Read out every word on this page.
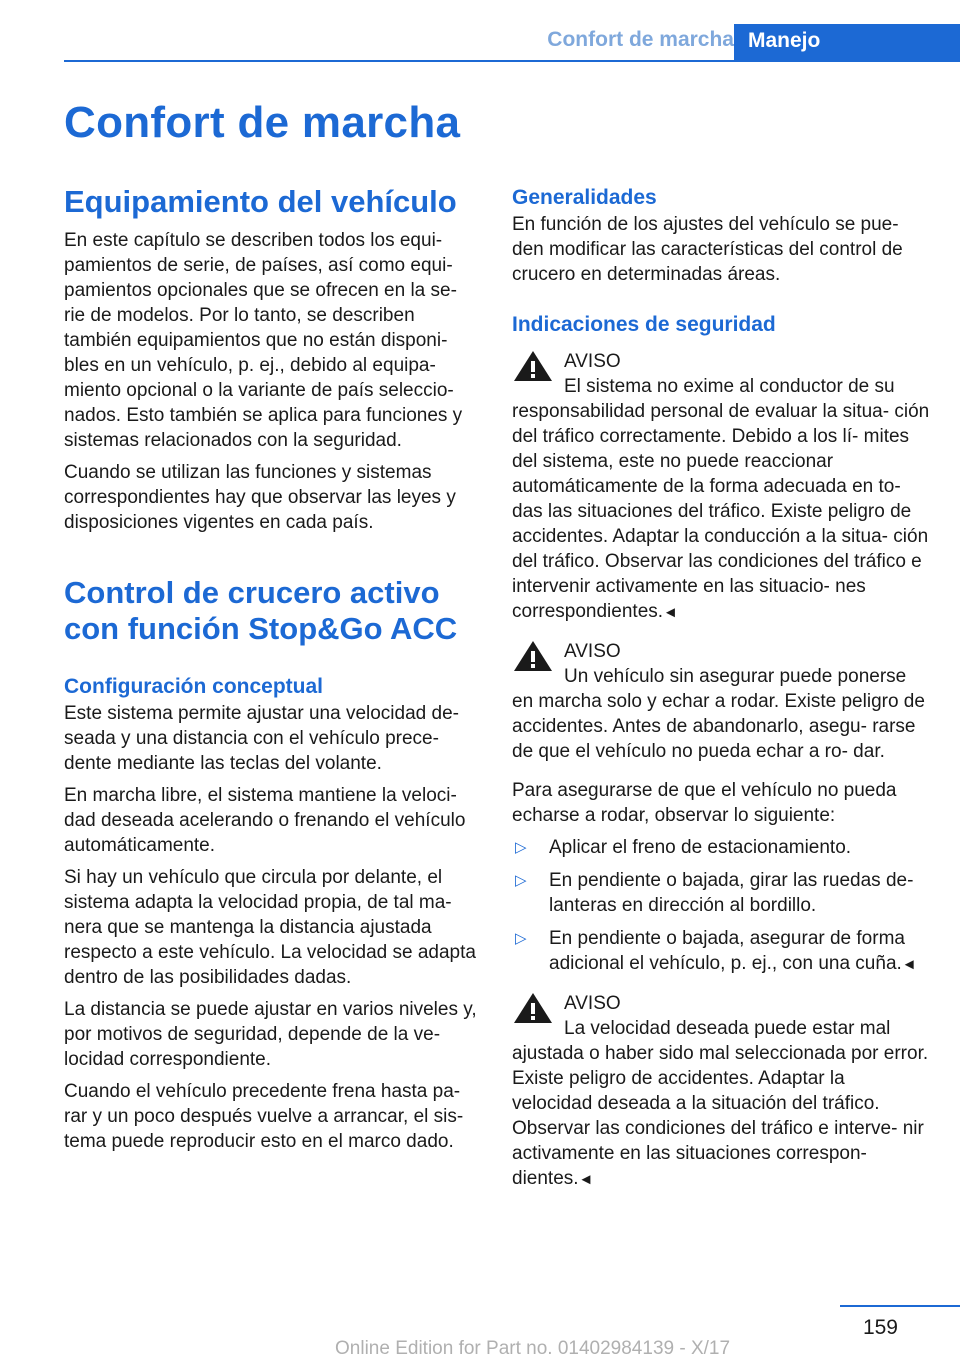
Confort de marcha Manejo
Confort de marcha
Equipamiento del vehículo

En este capítulo se describen todos los equi‐ pamientos de serie, de países, así como equi‐ pamientos opcionales que se ofrecen en la se‐ rie de modelos. Por lo tanto, se describen también equipamientos que no están disponi‐ bles en un vehículo, p. ej., debido al equipa‐ miento opcional o la variante de país seleccio‐ nados. Esto también se aplica para funciones y sistemas relacionados con la seguridad.

Cuando se utilizan las funciones y sistemas correspondientes hay que observar las leyes y disposiciones vigentes en cada país.

Control de crucero activo con función Stop&Go ACC
Configuración conceptual

Este sistema permite ajustar una velocidad de‐ seada y una distancia con el vehículo prece‐ dente mediante las teclas del volante.

En marcha libre, el sistema mantiene la veloci‐ dad deseada acelerando o frenando el vehículo automáticamente.

Si hay un vehículo que circula por delante, el sistema adapta la velocidad propia, de tal ma‐ nera que se mantenga la distancia ajustada respecto a este vehículo. La velocidad se adapta dentro de las posibilidades dadas.

La distancia se puede ajustar en varios niveles y, por motivos de seguridad, depende de la ve‐ locidad correspondiente.

Cuando el vehículo precedente frena hasta pa‐ rar y un poco después vuelve a arrancar, el sis‐ tema puede reproducir esto en el marco dado.

Generalidades

En función de los ajustes del vehículo se pue‐ den modificar las características del control de crucero en determinadas áreas.

Indicaciones de seguridad
AVISO
El sistema no exime al conductor de su
responsabilidad personal de evaluar la situa‐ ción del tráfico correctamente. Debido a los lí‐ mites del sistema, este no puede reaccionar automáticamente de la forma adecuada en to‐ das las situaciones del tráfico. Existe peligro de accidentes. Adaptar la conducción a la situa‐ ción del tráfico. Observar las condiciones del tráfico e intervenir activamente en las situacio‐ nes correspondientes.◄
AVISO
Un vehículo sin asegurar puede ponerse
en marcha solo y echar a rodar. Existe peligro de accidentes. Antes de abandonarlo, asegu‐ rarse de que el vehículo no pueda echar a ro‐ dar.

Para asegurarse de que el vehículo no pueda echarse a rodar, observar lo siguiente:

▷	Aplicar el freno de estacionamiento.
▷	En pendiente o bajada, girar las ruedas de‐ lanteras en dirección al bordillo.
▷	En pendiente o bajada, asegurar de forma adicional el vehículo, p. ej., con una cuña.◄
AVISO
La velocidad deseada puede estar mal
ajustada o haber sido mal seleccionada por error. Existe peligro de accidentes. Adaptar la velocidad deseada a la situación del tráfico. Observar las condiciones del tráfico e interve‐ nir activamente en las situaciones correspon‐ dientes.◄
159
Online Edition for Part no. 01402984139 - X/17
